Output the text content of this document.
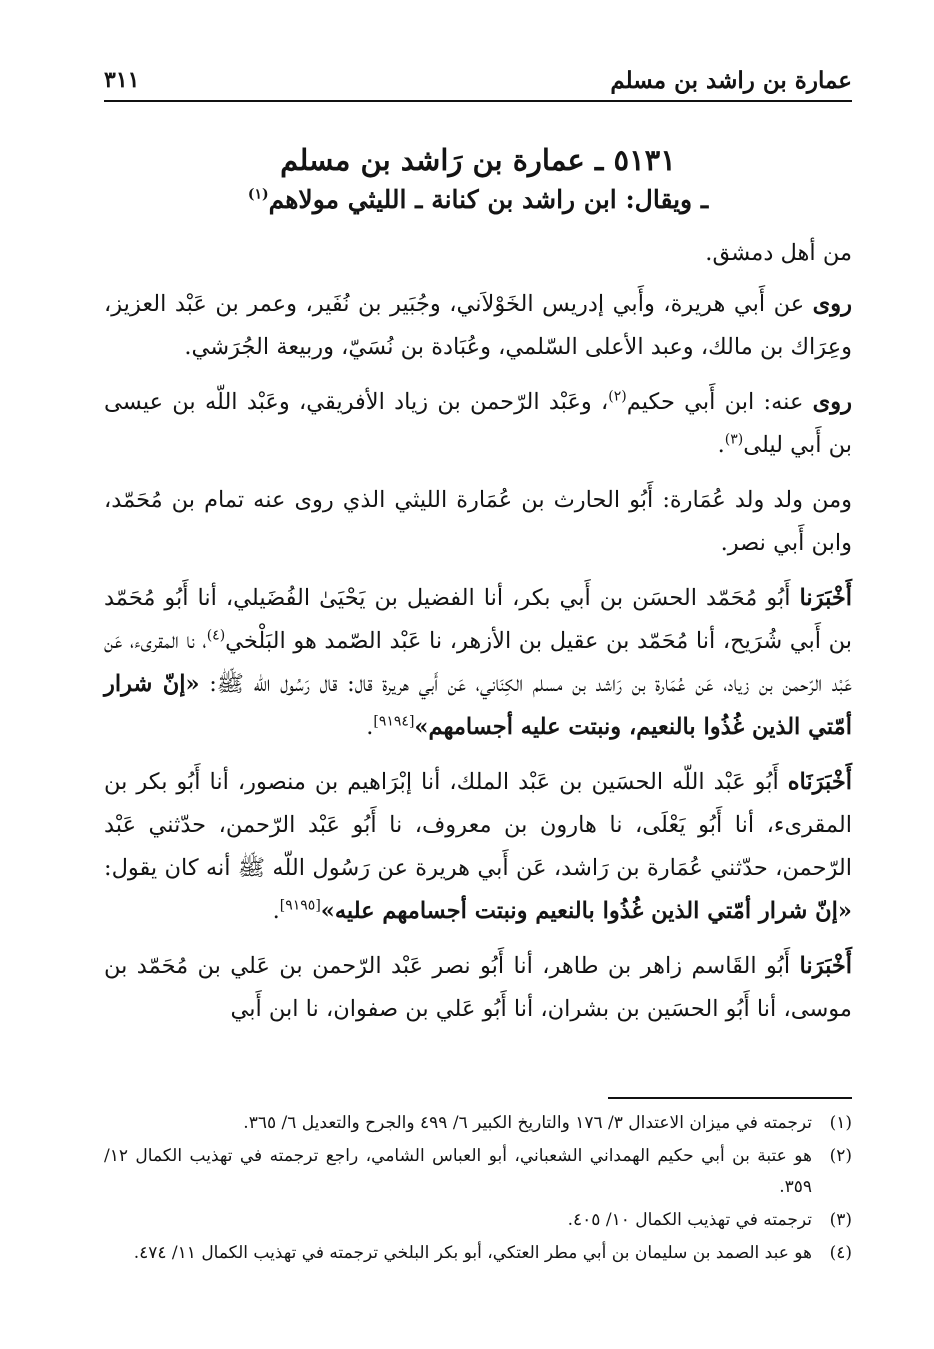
٣١١	عمارة بن راشد بن مسلم
٥١٣١ ـ عمارة بن رَاشد بن مسلم
ـ ويقال: ابن راشد بن كنانة ـ الليثي مولاهم$^{(١)}$

من أهل دمشق.

روى عن أَبي هريرة، وأَبي إدريس الخَوْلاَني، وجُبَير بن نُفَير، وعمر بن عَبْد العزيز، وعِرَاك بن مالك، وعبد الأعلى السّلمي، وعُبَادة بن نُسَيّ، وربيعة الجُرَشي.

روى عنه: ابن أَبي حكيم$^{(٢)}$، وعَبْد الرّحمن بن زياد الأفريقي، وعَبْد اللّه بن عيسى بن أَبي ليلى$^{(٣)}$.

ومن ولد ولد عُمَارة: أَبُو الحارث بن عُمَارة الليثي الذي روى عنه تمام بن مُحَمّد، وابن أَبي نصر.

أَخْبَرَنا أَبُو مُحَمّد الحسَن بن أَبي بكر، أنا الفضيل بن يَحْيَىٰ الفُضَيلي، أنا أَبُو مُحَمّد بن أَبي شُرَيح، أنا مُحَمّد بن عقيل بن الأزهر، نا عَبْد الصّمد هو البَلْخي$^{(٤)}$، نا المقرىء، عَن عَبْد الرّحمن بن زياد، عَن عُمَارة بن رَاشد بن مسلم الكِنَاني، عَن أَبي هريرة قال: قال رَسُول اللّه ﷺ: «إنّ شرار أمّتي الذين غُذُوا بالنعيم، ونبتت عليه أجسامهم»[٩١٩٤].

أَخْبَرَنَاه أَبُو عَبْد اللّه الحسَين بن عَبْد الملك، أنا إبْرَاهيم بن منصور، أنا أَبُو بكر بن المقرىء، أنا أَبُو يَعْلَى، نا هارون بن معروف، نا أَبُو عَبْد الرّحمن، حدّثني عَبْد الرّحمن، حدّثني عُمَارة بن رَاشد، عَن أَبي هريرة عن رَسُول اللّه ﷺ أنه كان يقول: «إنّ شرار أمّتي الذين غُذُوا بالنعيم ونبتت أجسامهم عليه»[٩١٩٥].

أَخْبَرَنا أَبُو القَاسم زاهر بن طاهر، أنا أَبُو نصر عَبْد الرّحمن بن عَلي بن مُحَمّد بن موسى، أنا أَبُو الحسَين بن بشران، أنا أَبُو عَلي بن صفوان، نا ابن أَبي

(١)
ترجمته في ميزان الاعتدال ٣/ ١٧٦ والتاريخ الكبير ٦/ ٤٩٩ والجرح والتعديل ٦/ ٣٦٥.
(٢)
هو عتبة بن أبي حكيم الهمداني الشعباني، أبو العباس الشامي، راجع ترجمته في تهذيب الكمال ١٢/ ٣٥٩.
(٣)
ترجمته في تهذيب الكمال ١٠/ ٤٠٥.
(٤)
هو عبد الصمد بن سليمان بن أبي مطر العتكي، أبو بكر البلخي ترجمته في تهذيب الكمال ١١/ ٤٧٤.
